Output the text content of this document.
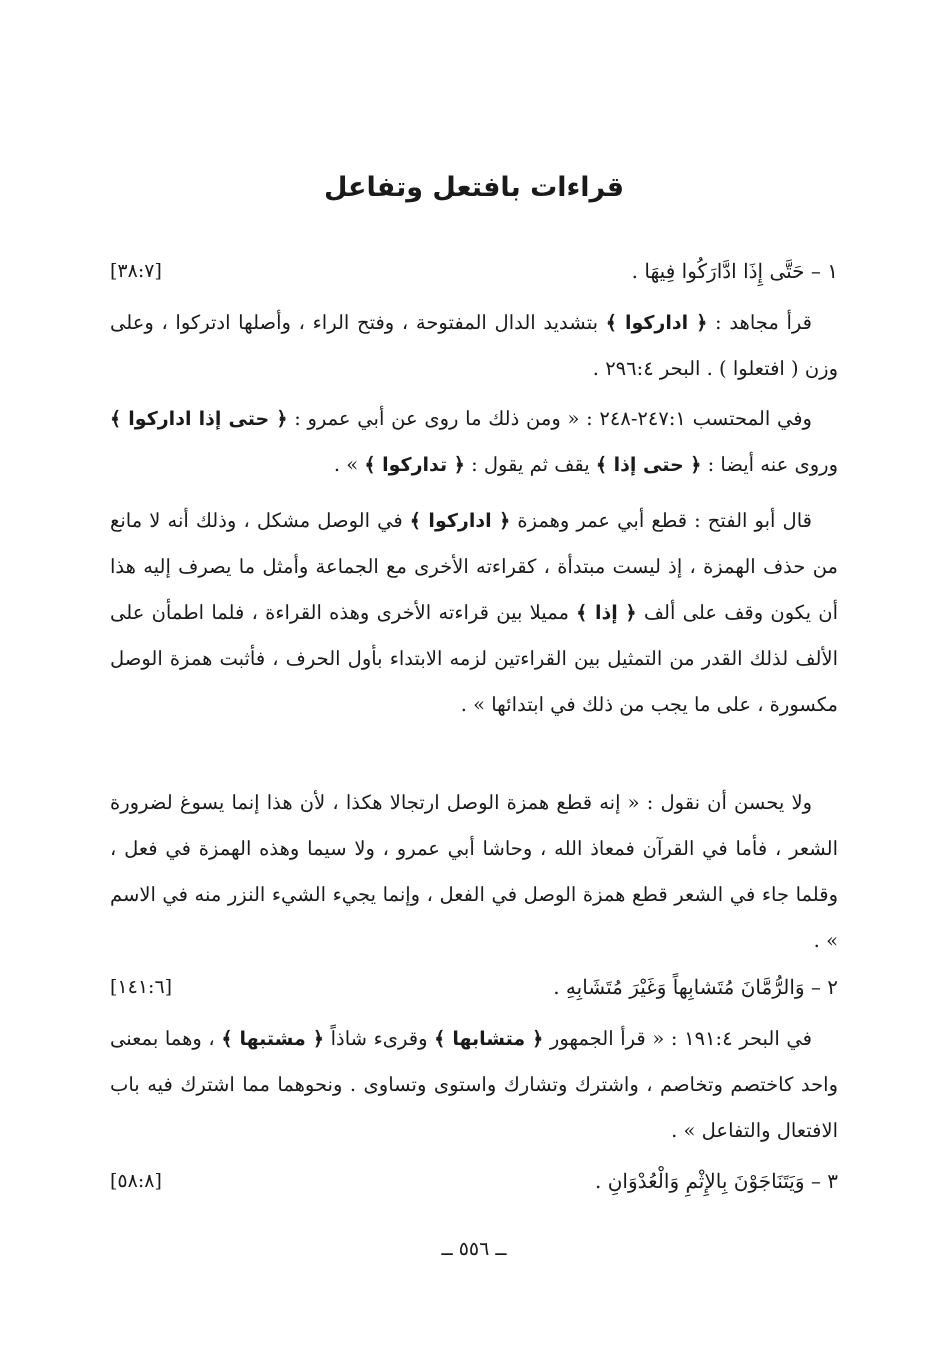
قراءات بافتعل وتفاعل
١ – حَتَّى إِذَا ادَّارَكُوا فِيهَا .
[٣٨:٧]

قرأ مجاهد : ﴿ اداركوا ﴾ بتشديد الدال المفتوحة ، وفتح الراء ، وأصلها ادتركوا ، وعلى وزن ( افتعلوا ) . البحر ٢٩٦:٤ .

وفي المحتسب ٢٤٧:١-٢٤٨ : « ومن ذلك ما روى عن أبي عمرو : ﴿ حتى إذا اداركوا ﴾ وروى عنه أيضا : ﴿ حتى إذا ﴾ يقف ثم يقول : ﴿ تداركوا ﴾ » .

قال أبو الفتح : قطع أبي عمر وهمزة ﴿ اداركوا ﴾ في الوصل مشكل ، وذلك أنه لا مانع من حذف الهمزة ، إذ ليست مبتدأة ، كقراءته الأخرى مع الجماعة وأمثل ما يصرف إليه هذا أن يكون وقف على ألف ﴿ إذا ﴾ مميلا بين قراءته الأخرى وهذه القراءة ، فلما اطمأن على الألف لذلك القدر من التمثيل بين القراءتين لزمه الابتداء بأول الحرف ، فأثبت همزة الوصل مكسورة ، على ما يجب من ذلك في ابتدائها » .

ولا يحسن أن نقول : « إنه قطع همزة الوصل ارتجالا هكذا ، لأن هذا إنما يسوغ لضرورة الشعر ، فأما في القرآن فمعاذ الله ، وحاشا أبي عمرو ، ولا سيما وهذه الهمزة في فعل ، وقلما جاء في الشعر قطع همزة الوصل في الفعل ، وإنما يجيء الشيء النزر منه في الاسم » .

٢ – وَالرُّمَّانَ مُتَشابِهاً وَغَيْرَ مُتَشَابِهِ .
[١٤١:٦]

في البحر ١٩١:٤ : « قرأ الجمهور ﴿ متشابها ﴾ وقرىء شاذاً ﴿ مشتبها ﴾ ، وهما بمعنى واحد كاختصم وتخاصم ، واشترك وتشارك واستوى وتساوى . ونحوهما مما اشترك فيه باب الافتعال والتفاعل » .

٣ – وَيَتَنَاجَوْنَ بِالإِثْمِ وَالْعُدْوَانِ .
[٥٨:٨]
ــ ٥٥٦ ــ
